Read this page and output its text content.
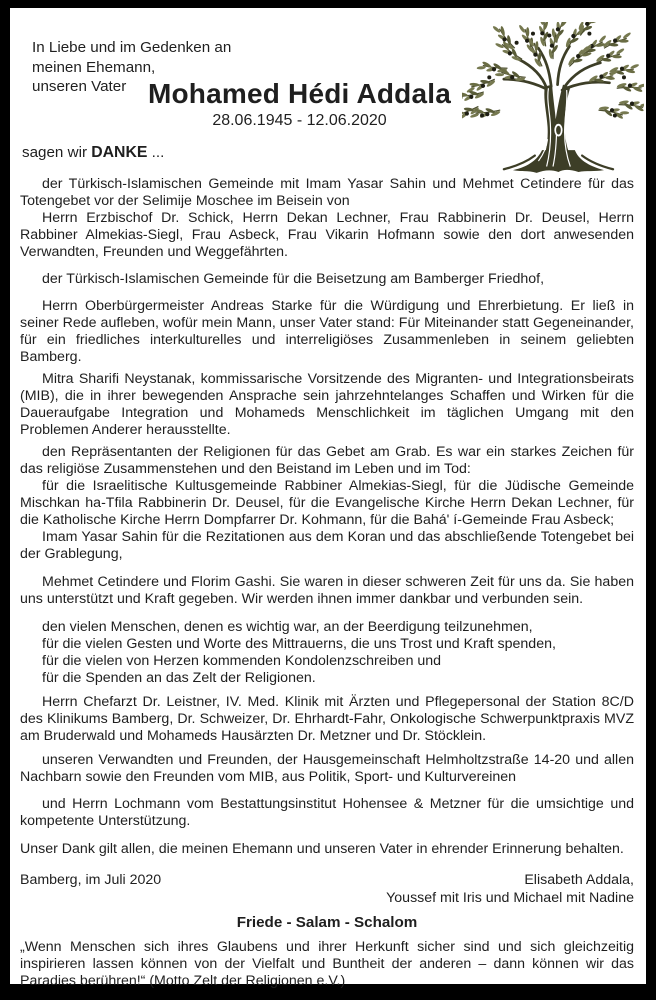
In Liebe und im Gedenken an
meinen Ehemann,
unseren Vater Mohamed Hédi Addala
28.06.1945 - 12.06.2020
sagen wir DANKE ...

der Türkisch-Islamischen Gemeinde mit Imam Yasar Sahin und Mehmet Cetindere für das Totengebet vor der Selimije Moschee im Beisein von

Herrn Erzbischof Dr. Schick, Herrn Dekan Lechner, Frau Rabbinerin Dr. Deusel, Herrn Rabbiner Almekias-Siegl, Frau Asbeck, Frau Vikarin Hofmann sowie den dort anwesenden Verwandten, Freunden und Weggefährten.

der Türkisch-Islamischen Gemeinde für die Beisetzung am Bamberger Friedhof,

Herrn Oberbürgermeister Andreas Starke für die Würdigung und Ehrerbietung. Er ließ in seiner Rede aufleben, wofür mein Mann, unser Vater stand: Für Miteinander statt Gegeneinander, für ein friedliches interkulturelles und interreligiöses Zusammenleben in seinem geliebten Bamberg.

Mitra Sharifi Neystanak, kommissarische Vorsitzende des Migranten- und Integrationsbeirats (MIB), die in ihrer bewegenden Ansprache sein jahrzehntelanges Schaffen und Wirken für die Daueraufgabe Integration und Mohameds Menschlichkeit im täglichen Umgang mit den Problemen Anderer herausstellte.

den Repräsentanten der Religionen für das Gebet am Grab. Es war ein starkes Zeichen für das religiöse Zusammenstehen und den Beistand im Leben und im Tod:

für die Israelitische Kultusgemeinde Rabbiner Almekias-Siegl, für die Jüdische Gemeinde Mischkan ha-Tfila Rabbinerin Dr. Deusel, für die Evangelische Kirche Herrn Dekan Lechner, für die Katholische Kirche Herrn Dompfarrer Dr. Kohmann, für die Bahá' í-Gemeinde Frau Asbeck;

Imam Yasar Sahin für die Rezitationen aus dem Koran und das abschließende Totengebet bei der Grablegung,

Mehmet Cetindere und Florim Gashi. Sie waren in dieser schweren Zeit für uns da. Sie haben uns unterstützt und Kraft gegeben. Wir werden ihnen immer dankbar und verbunden sein.

den vielen Menschen, denen es wichtig war, an der Beerdigung teilzunehmen,
für die vielen Gesten und Worte des Mittrauerns, die uns Trost und Kraft spenden,
für die vielen von Herzen kommenden Kondolenzschreiben und
für die Spenden an das Zelt der Religionen.

Herrn Chefarzt Dr. Leistner, IV. Med. Klinik mit Ärzten und Pflegepersonal der Station 8C/D des Klinikums Bamberg, Dr. Schweizer, Dr. Ehrhardt-Fahr, Onkologische Schwerpunktpraxis MVZ am Bruderwald und Mohameds Hausärzten Dr. Metzner und Dr. Stöcklein.

unseren Verwandten und Freunden, der Hausgemeinschaft Helmholtzstraße 14-20 und allen Nachbarn sowie den Freunden vom MIB, aus Politik, Sport- und Kulturvereinen

und Herrn Lochmann vom Bestattungsinstitut Hohensee & Metzner für die umsichtige und kompetente Unterstützung.

Unser Dank gilt allen, die meinen Ehemann und unseren Vater in ehrender Erinnerung behalten.

Bamberg, im Juli 2020	Elisabeth Addala,
Youssef mit Iris und Michael mit Nadine
Friede - Salam - Schalom
„Wenn Menschen sich ihres Glaubens und ihrer Herkunft sicher sind und sich gleichzeitig inspirieren lassen können von der Vielfalt und Buntheit der anderen – dann können wir das Paradies berühren!“ (Motto Zelt der Religionen e.V.)
